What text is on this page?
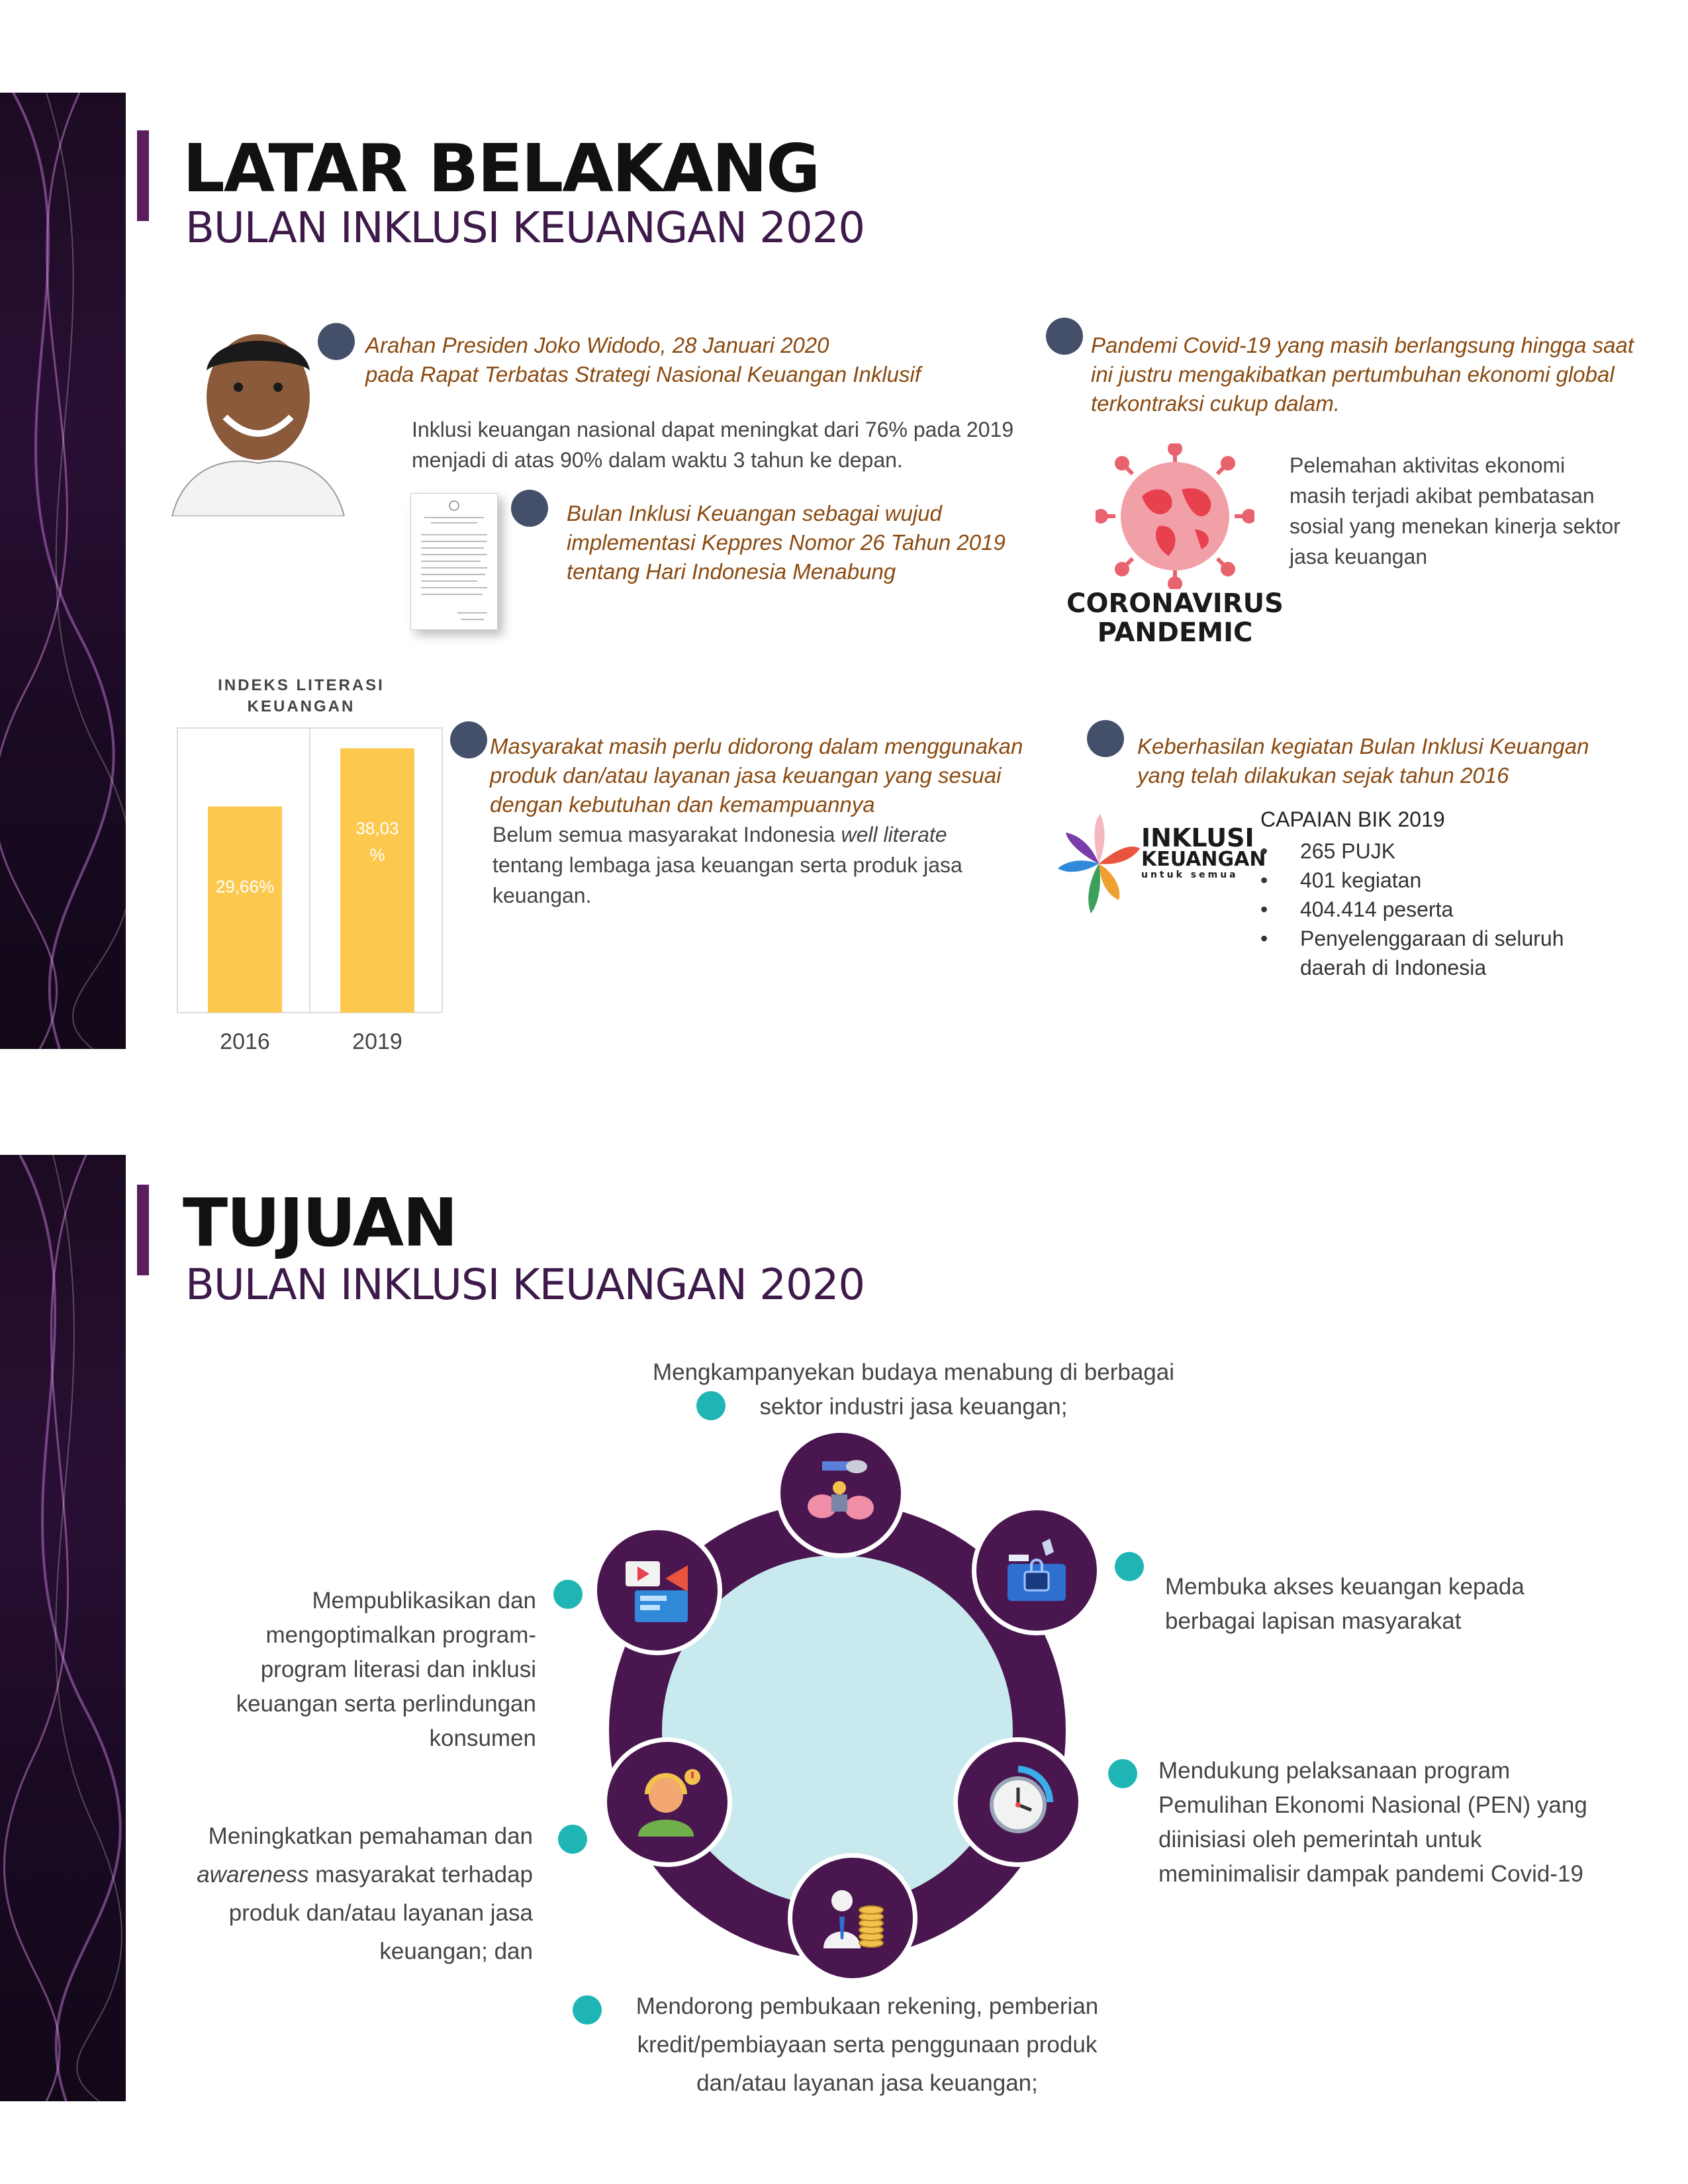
LATAR BELAKANG
BULAN INKLUSI KEUANGAN 2020
Arahan Presiden Joko Widodo, 28 Januari 2020
pada Rapat Terbatas Strategi Nasional Keuangan Inklusif
Inklusi keuangan nasional dapat meningkat dari 76% pada 2019
menjadi di atas 90% dalam waktu 3 tahun ke depan.
Bulan Inklusi Keuangan sebagai wujud
implementasi Keppres Nomor 26 Tahun 2019
tentang Hari Indonesia Menabung
Pandemi Covid-19 yang masih berlangsung hingga saat
ini justru mengakibatkan pertumbuhan ekonomi global
terkontraksi cukup dalam.
CORONAVIRUS
PANDEMIC
Pelemahan aktivitas ekonomi
masih terjadi akibat pembatasan
sosial yang menekan kinerja sektor
jasa keuangan
INDEKS LITERASI
KEUANGAN
29,66%
2016
38,03
%
2019
Masyarakat masih perlu didorong dalam menggunakan
produk dan/atau layanan jasa keuangan yang sesuai
dengan kebutuhan dan kemampuannya
Belum semua masyarakat Indonesia well literate
tentang lembaga jasa keuangan serta produk jasa
keuangan.
Keberhasilan kegiatan Bulan Inklusi Keuangan
yang telah dilakukan sejak tahun 2016
INKLUSI
KEUANGAN
untuk semua
CAPAIAN BIK 2019
• 265 PUJK
• 401 kegiatan
• 404.414 peserta
• Penyelenggaraan di seluruh daerah di Indonesia
TUJUAN
BULAN INKLUSI KEUANGAN 2020
Mengkampanyekan budaya menabung di berbagai
sektor industri jasa keuangan;
Membuka akses keuangan kepada
berbagai lapisan masyarakat
Mendukung pelaksanaan program
Pemulihan Ekonomi Nasional (PEN) yang
diinisiasi oleh pemerintah untuk
meminimalisir dampak pandemi Covid-19
Mendorong pembukaan rekening, pemberian
kredit/pembiayaan serta penggunaan produk
dan/atau layanan jasa keuangan;
Meningkatkan pemahaman dan
awareness masyarakat terhadap
produk dan/atau layanan jasa
keuangan; dan
Mempublikasikan dan
mengoptimalkan program-
program literasi dan inklusi
keuangan serta perlindungan
konsumen
